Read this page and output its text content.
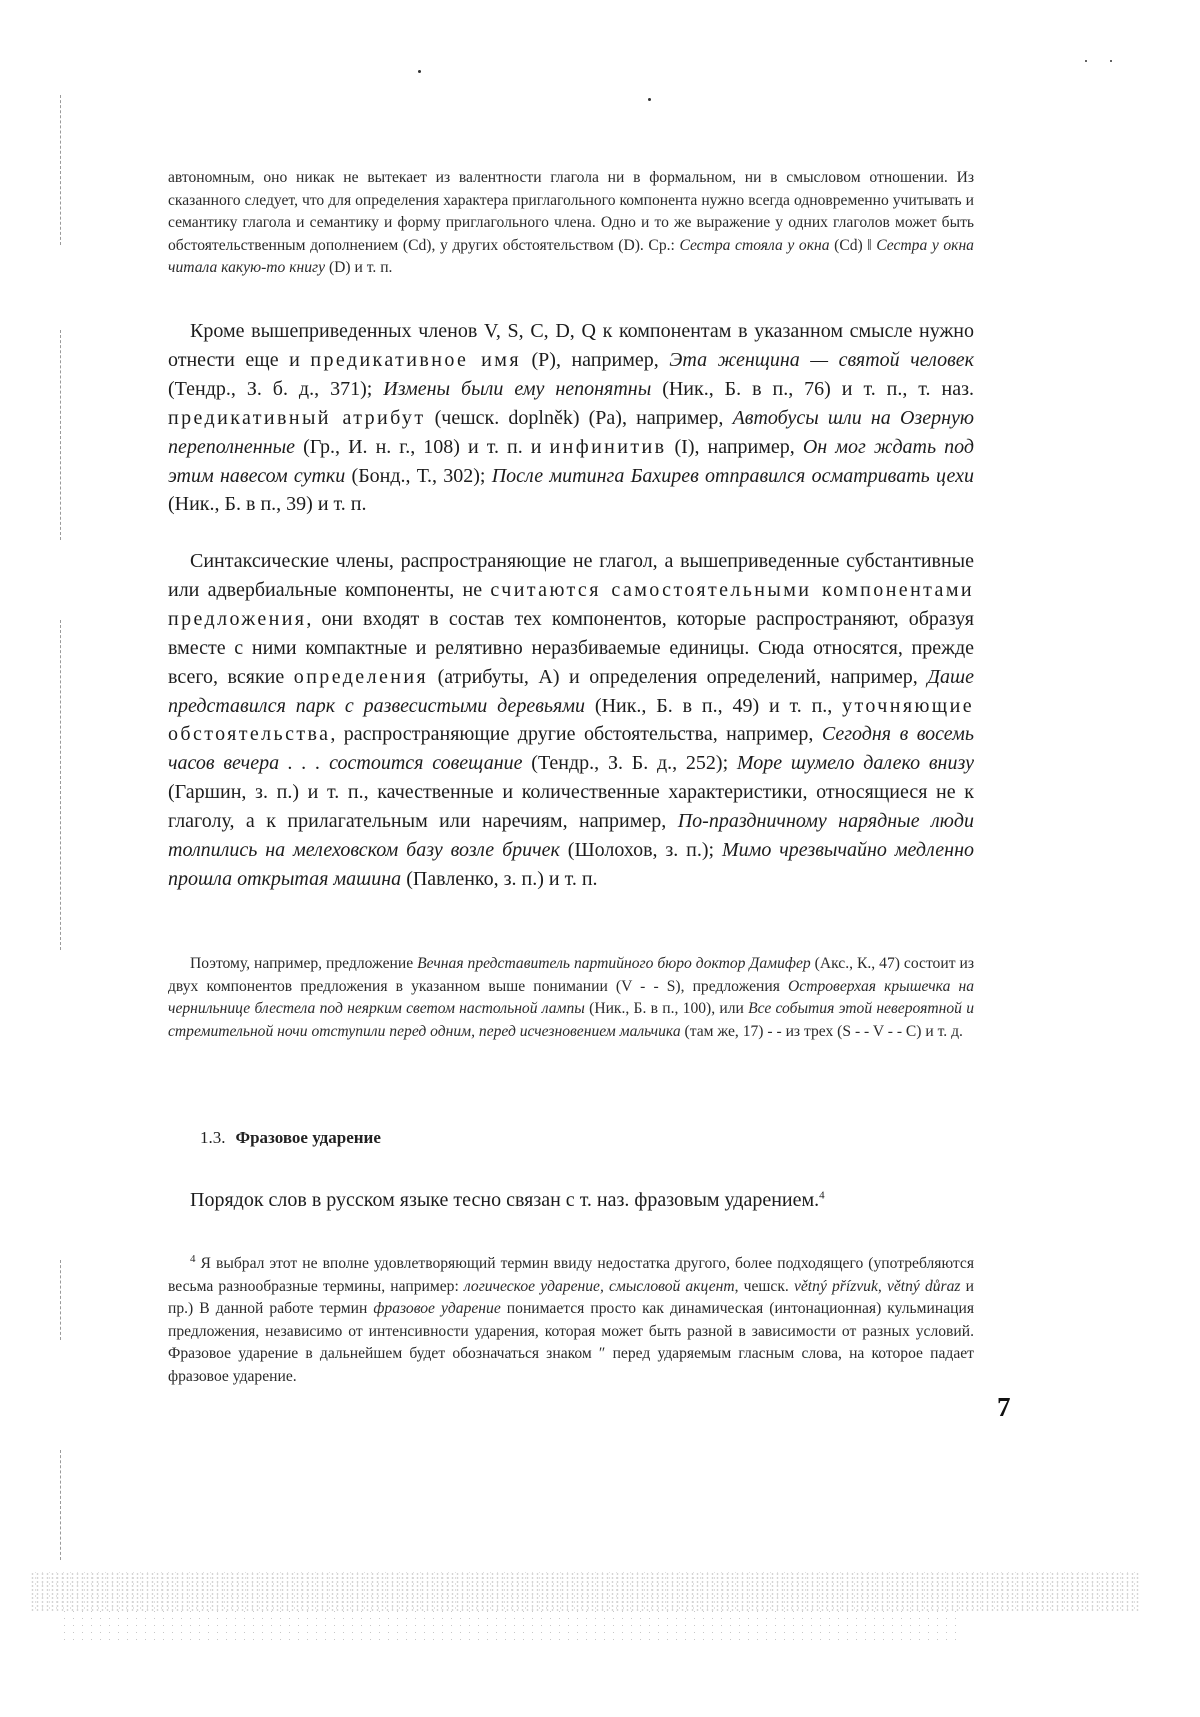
автономным, оно никак не вытекает из валентности глагола ни в формальном, ни в смысловом отношении. Из сказанного следует, что для определения характера приглагольного компонента нужно всегда одновременно учитывать и семантику глагола и семантику и форму приглагольного члена. Одно и то же выражение у одних глаголов может быть обстоятельственным дополнением (Cd), у других обстоятельством (D). Ср.: Сестра стояла у окна (Cd) ‖ Сестра у окна читала какую-то книгу (D) и т. п.

Кроме вышеприведенных членов V, S, C, D, Q к компонентам в указанном смысле нужно отнести еще и предикативное имя (P), например, Эта женщина — святой человек (Тендр., З. б. д., 371); Измены были ему непонятны (Ник., Б. в п., 76) и т. п., т. наз. предикативный атрибут (чешск. doplněk) (Pa), например, Автобусы шли на Озерную переполненные (Гр., И. н. г., 108) и т. п. и инфинитив (I), например, Он мог ждать под этим навесом сутки (Бонд., Т., 302); После митинга Бахирев отправился осматривать цехи (Ник., Б. в п., 39) и т. п.

Синтаксические члены, распространяющие не глагол, а вышеприведенные субстантивные или адвербиальные компоненты, не считаются самостоятельными компонентами предложения, они входят в состав тех компонентов, которые распространяют, образуя вместе с ними компактные и релятивно неразбиваемые единицы. Сюда относятся, прежде всего, всякие определения (атрибуты, A) и определения определений, например, Даше представился парк с развесистыми деревьями (Ник., Б. в п., 49) и т. п., уточняющие обстоятельства, распространяющие другие обстоятельства, например, Сегодня в восемь часов вечера . . . состоится совещание (Тендр., З. Б. д., 252); Море шумело далеко внизу (Гаршин, з. п.) и т. п., качественные и количественные характеристики, относящиеся не к глаголу, а к прилагательным или наречиям, например, По-праздничному нарядные люди толпились на мелеховском базу возле бричек (Шолохов, з. п.); Мимо чрезвычайно медленно прошла открытая машина (Павленко, з. п.) и т. п.

Поэтому, например, предложение Вечная представитель партийного бюро доктор Дамифер (Акс., К., 47) состоит из двух компонентов предложения в указанном выше понимании (V - - S), предложения Островерхая крышечка на чернильнице блестела под неярким светом настольной лампы (Ник., Б. в п., 100), или Все события этой невероятной и стремительной ночи отступили перед одним, перед исчезновением мальчика (там же, 17) - - из трех (S - - V - - C) и т. д.

1.3. Фразовое ударение

Порядок слов в русском языке тесно связан с т. наз. фразовым ударением.$^4$

$^4$ Я выбрал этот не вполне удовлетворяющий термин ввиду недостатка другого, более подходящего (употребляются весьма разнообразные термины, например: логическое ударение, смысловой акцент, чешск. větný přízvuk, větný důraz и пр.) В данной работе термин фразовое ударение понимается просто как динамическая (интонационная) кульминация предложения, независимо от интенсивности ударения, которая может быть разной в зависимости от разных условий. Фразовое ударение в дальнейшем будет обозначаться знаком ″ перед ударяемым гласным слова, на которое падает фразовое ударение.
7
